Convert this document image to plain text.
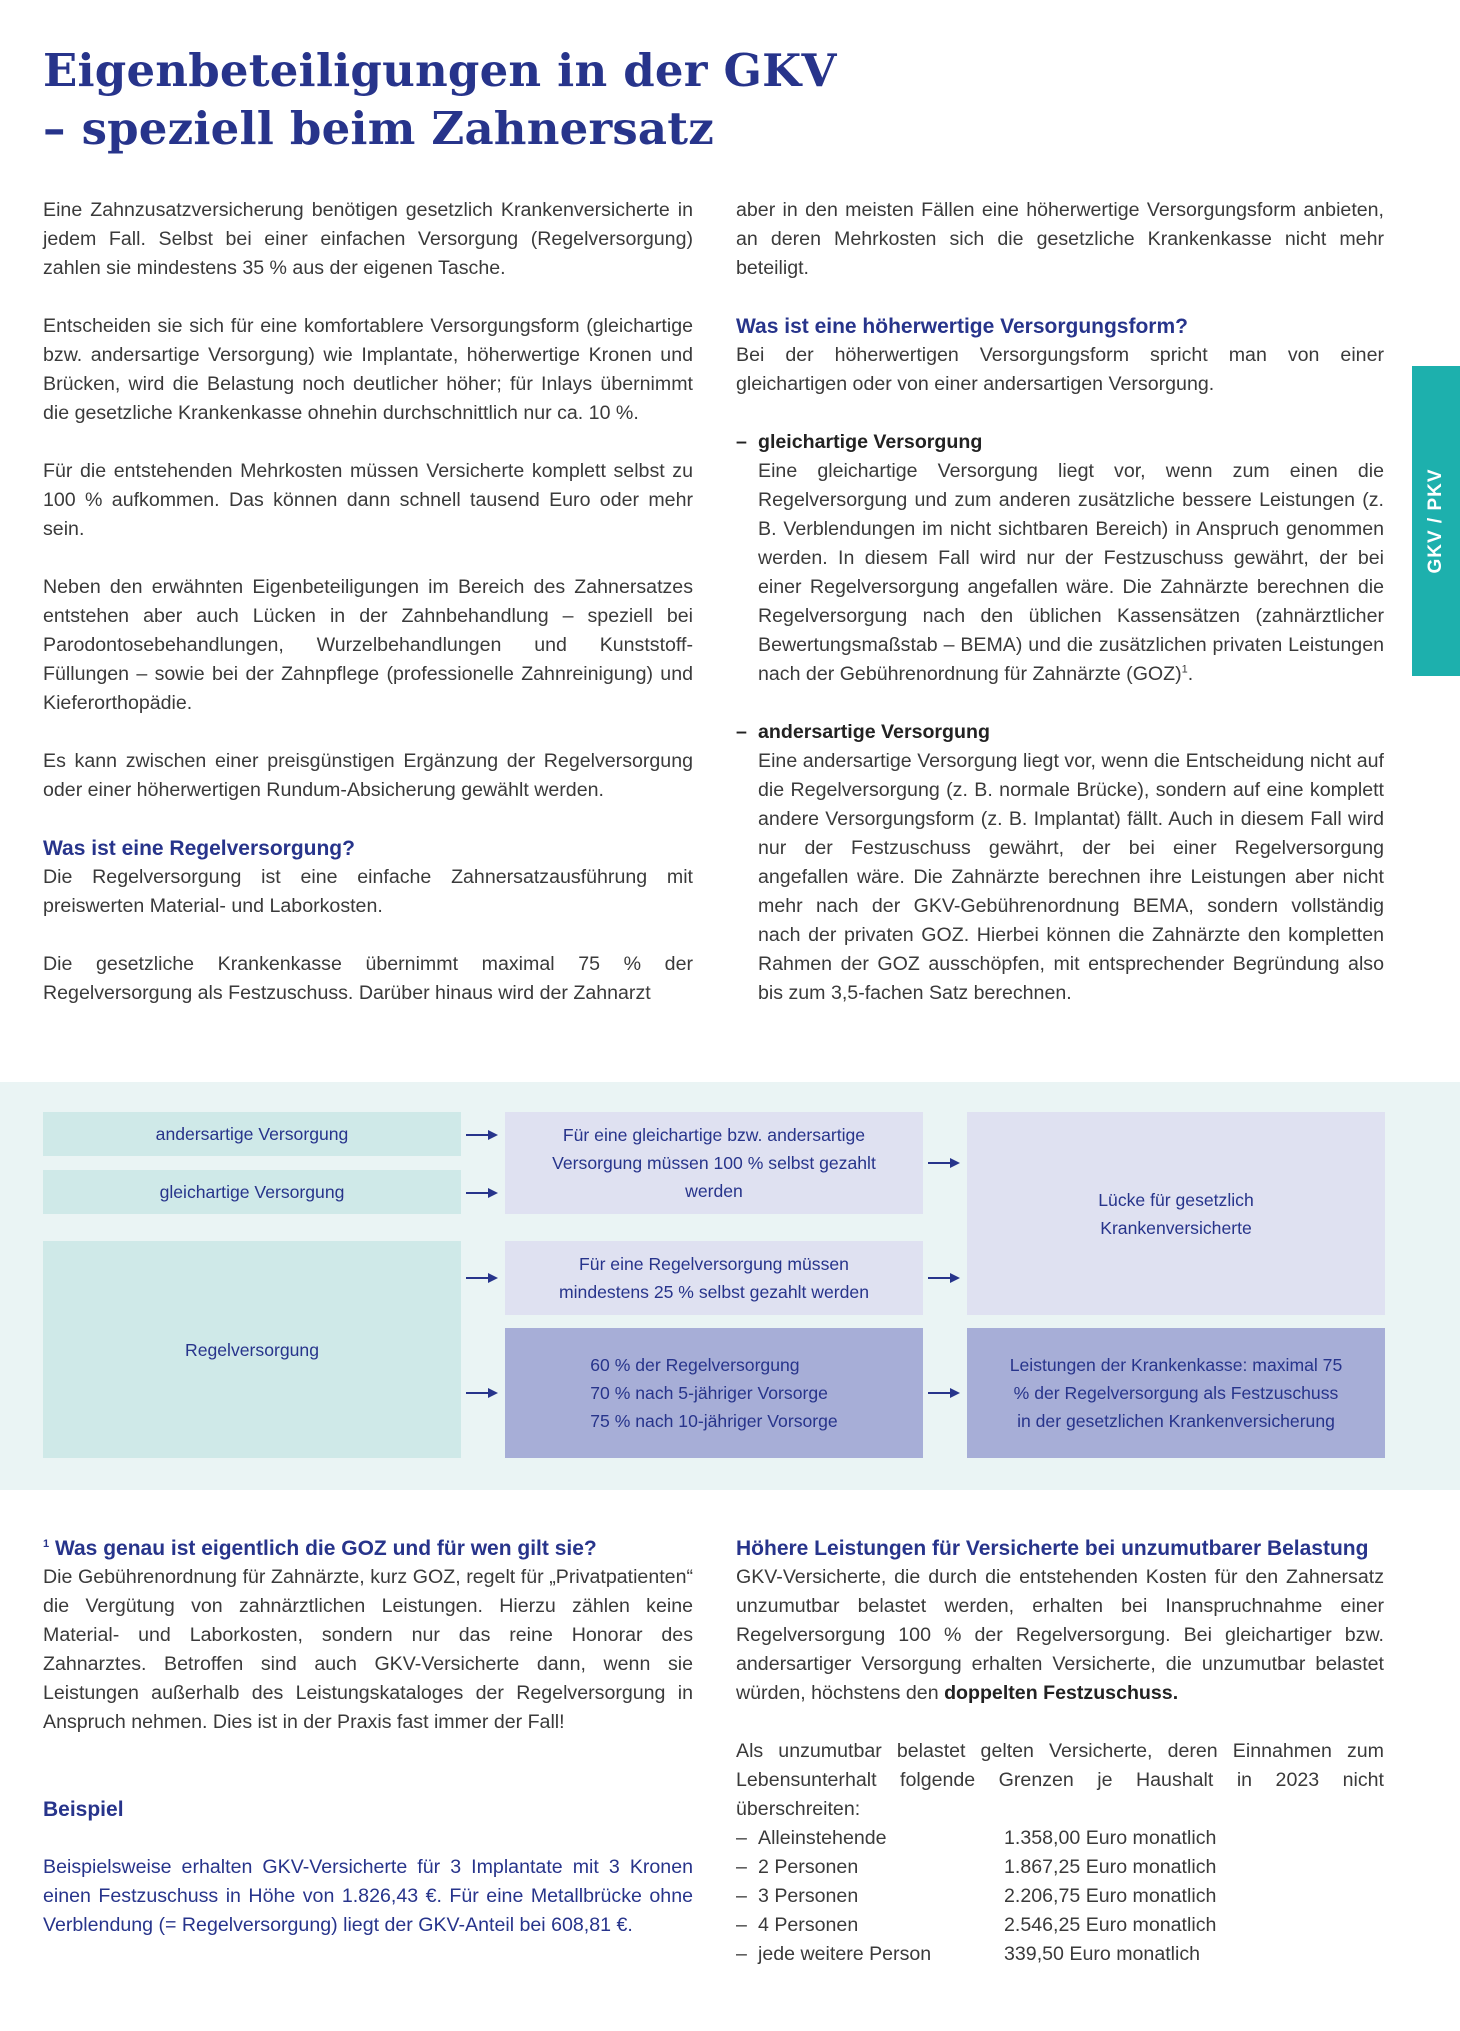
Eigenbeteiligungen in der GKV
– speziell beim Zahnersatz
GKV / PKV

Eine Zahnzusatzversicherung benötigen gesetzlich Krankenversicherte in jedem Fall. Selbst bei einer einfachen Versorgung (Regelversorgung) zahlen sie mindestens 35 % aus der eigenen Tasche.

Entscheiden sie sich für eine komfortablere Versorgungsform (gleichartige bzw. andersartige Versorgung) wie Implantate, höherwertige Kronen und Brücken, wird die Belastung noch deutlicher höher; für Inlays übernimmt die gesetzliche Krankenkasse ohnehin durchschnittlich nur ca. 10 %.

Für die entstehenden Mehrkosten müssen Versicherte komplett selbst zu 100 % aufkommen. Das können dann schnell tausend Euro oder mehr sein.

Neben den erwähnten Eigenbeteiligungen im Bereich des Zahnersatzes entstehen aber auch Lücken in der Zahnbehandlung – speziell bei Parodontosebehandlungen, Wurzelbehandlungen und Kunststoff-Füllungen – sowie bei der Zahnpflege (professionelle Zahnreinigung) und Kieferorthopädie.

Es kann zwischen einer preisgünstigen Ergänzung der Regelversorgung oder einer höherwertigen Rundum-Absicherung gewählt werden.

Was ist eine Regelversorgung?

Die Regelversorgung ist eine einfache Zahnersatzausführung mit preiswerten Material- und Laborkosten.

Die gesetzliche Krankenkasse übernimmt maximal 75 % der Regelversorgung als Festzuschuss. Darüber hinaus wird der Zahnarzt

aber in den meisten Fällen eine höherwertige Versorgungsform anbieten, an deren Mehrkosten sich die gesetzliche Krankenkasse nicht mehr beteiligt.

Was ist eine höherwertige Versorgungsform?

Bei der höherwertigen Versorgungsform spricht man von einer gleichartigen oder von einer andersartigen Versorgung.

– gleichartige Versorgung

Eine gleichartige Versorgung liegt vor, wenn zum einen die Regelversorgung und zum anderen zusätzliche bessere Leistungen (z. B. Verblendungen im nicht sichtbaren Bereich) in Anspruch genommen werden. In diesem Fall wird nur der Festzuschuss gewährt, der bei einer Regelversorgung angefallen wäre. Die Zahnärzte berechnen die Regelversorgung nach den üblichen Kassensätzen (zahnärztlicher Bewertungsmaßstab – BEMA) und die zusätzlichen privaten Leistungen nach der Gebührenordnung für Zahnärzte (GOZ)$^1$.

– andersartige Versorgung

Eine andersartige Versorgung liegt vor, wenn die Entscheidung nicht auf die Regelversorgung (z. B. normale Brücke), sondern auf eine komplett andere Versorgungsform (z. B. Implantat) fällt. Auch in diesem Fall wird nur der Festzuschuss gewährt, der bei einer Regelversorgung angefallen wäre. Die Zahnärzte berechnen ihre Leistungen aber nicht mehr nach der GKV-Gebührenordnung BEMA, sondern vollständig nach der privaten GOZ. Hierbei können die Zahnärzte den kompletten Rahmen der GOZ ausschöpfen, mit entsprechender Begründung also bis zum 3,5-fachen Satz berechnen.

andersartige Versorgung
gleichartige Versorgung
Regelversorgung
Für eine gleichartige bzw. andersartige Versorgung müssen 100 % selbst gezahlt werden
Für eine Regelversorgung müssen mindestens 25 % selbst gezahlt werden
60 % der Regelversorgung
70 % nach 5-jähriger Vorsorge
75 % nach 10-jähriger Vorsorge
Lücke für gesetzlich Krankenversicherte
Leistungen der Krankenkasse: maximal 75 % der Regelversorgung als Festzuschuss in der gesetzlichen Krankenversicherung
$^1$ Was genau ist eigentlich die GOZ und für wen gilt sie?

Die Gebührenordnung für Zahnärzte, kurz GOZ, regelt für „Privatpatienten“ die Vergütung von zahnärztlichen Leistungen. Hierzu zählen keine Material- und Laborkosten, sondern nur das reine Honorar des Zahnarztes. Betroffen sind auch GKV-Versicherte dann, wenn sie Leistungen außerhalb des Leistungskataloges der Regelversorgung in Anspruch nehmen. Dies ist in der Praxis fast immer der Fall!

Beispiel

Beispielsweise erhalten GKV-Versicherte für 3 Implantate mit 3 Kronen einen Festzuschuss in Höhe von 1.826,43 €. Für eine Metallbrücke ohne Verblendung (= Regelversorgung) liegt der GKV-Anteil bei 608,81 €.

Höhere Leistungen für Versicherte bei unzumutbarer Belastung

GKV-Versicherte, die durch die entstehenden Kosten für den Zahnersatz unzumutbar belastet werden, erhalten bei Inanspruchnahme einer Regelversorgung 100 % der Regelversorgung. Bei gleichartiger bzw. andersartiger Versorgung erhalten Versicherte, die unzumutbar belastet würden, höchstens den doppelten Festzuschuss.

Als unzumutbar belastet gelten Versicherte, deren Einnahmen zum Lebensunterhalt folgende Grenzen je Haushalt in 2023 nicht überschreiten:

– Alleinstehende	1.358,00 Euro monatlich
– 2 Personen	1.867,25 Euro monatlich
– 3 Personen	2.206,75 Euro monatlich
– 4 Personen	2.546,25 Euro monatlich
– jede weitere Person	339,50 Euro monatlich
